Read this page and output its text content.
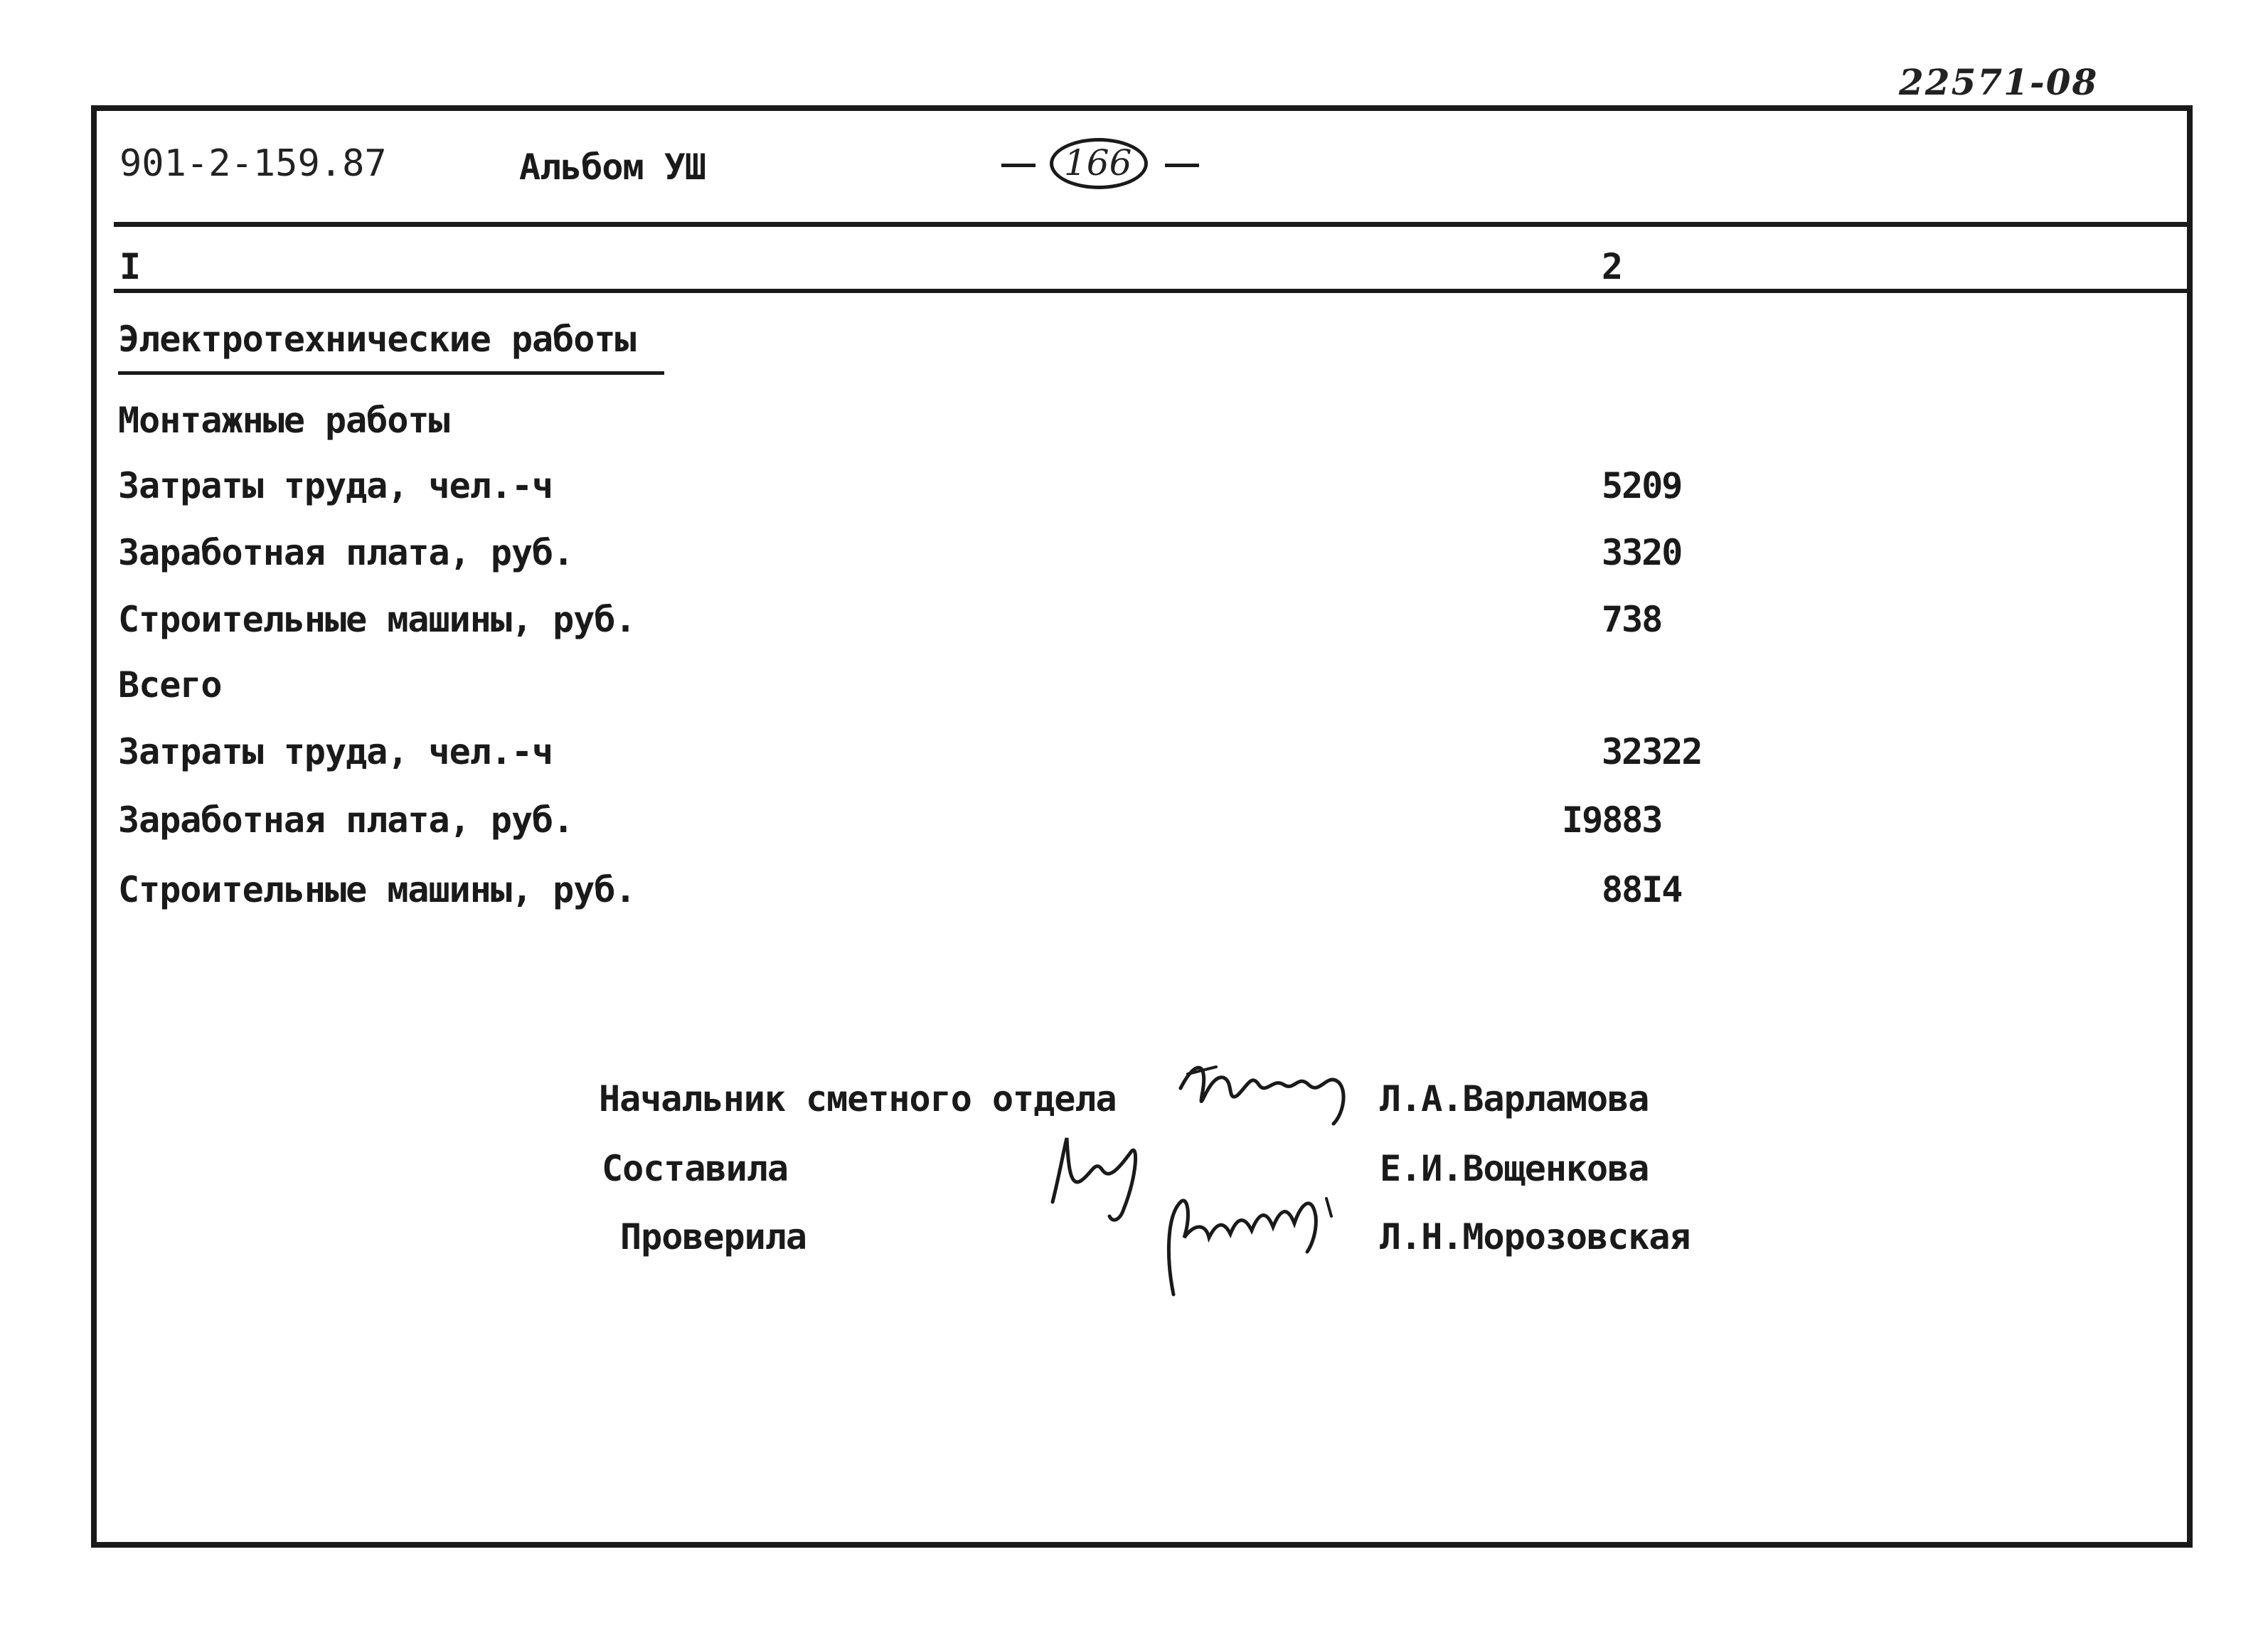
22571-08
901-2-159.87	Альбом УШ	166
I	2
Электротехнические работы
Монтажные работы
Затраты труда, чел.-ч	5209
Заработная плата, руб.	3320
Строительные машины, руб.	738
Всего
Затраты труда, чел.-ч	32322
Заработная плата, руб.	I9883
Строительные машины, руб.	88I4
Начальник сметного отдела	Л.А.Варламова
Составила	Е.И.Вощенкова
Проверила	Л.Н.Морозовская
